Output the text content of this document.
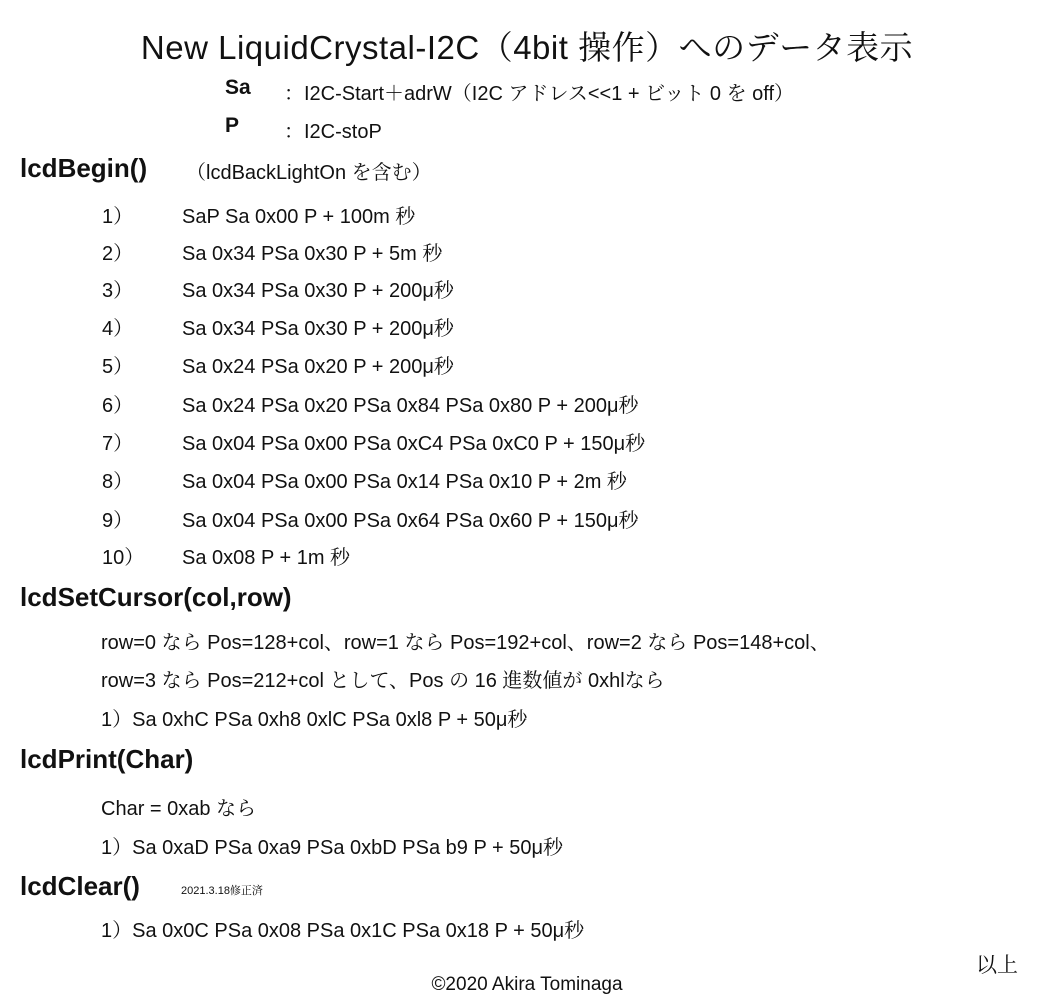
New LiquidCrystal-I2C（4bit 操作）へのデータ表示
Sa ：I2C-Start＋adrW（I2C アドレス<<1 + ビット 0 を off）
P ：I2C-stoP
lcdBegin() （lcdBackLightOn を含む）
1） SaP Sa 0x00 P + 100m 秒
2） Sa 0x34 PSa 0x30 P + 5m 秒
3） Sa 0x34 PSa 0x30 P + 200μ秒
4） Sa 0x34 PSa 0x30 P + 200μ秒
5） Sa 0x24 PSa 0x20 P + 200μ秒
6） Sa 0x24 PSa 0x20 PSa 0x84 PSa 0x80 P + 200μ秒
7） Sa 0x04 PSa 0x00 PSa 0xC4 PSa 0xC0 P + 150μ秒
8） Sa 0x04 PSa 0x00 PSa 0x14 PSa 0x10 P + 2m 秒
9） Sa 0x04 PSa 0x00 PSa 0x64 PSa 0x60 P + 150μ秒
10） Sa 0x08 P + 1m 秒
lcdSetCursor(col,row)
row=0 なら Pos=128+col、row=1 なら Pos=192+col、row=2 なら Pos=148+col、
row=3 なら Pos=212+col として、Pos の 16 進数値が 0xhlなら
1）Sa 0xhC PSa 0xh8 0xlC PSa 0xl8 P + 50μ秒
lcdPrint(Char)
Char = 0xab なら
1）Sa 0xaD PSa 0xa9 PSa 0xbD PSa b9 P + 50μ秒
lcdClear()	2021.3.18修正済
1）Sa 0x0C PSa 0x08 PSa 0x1C PSa 0x18 P + 50μ秒
以上
©2020 Akira Tominaga
